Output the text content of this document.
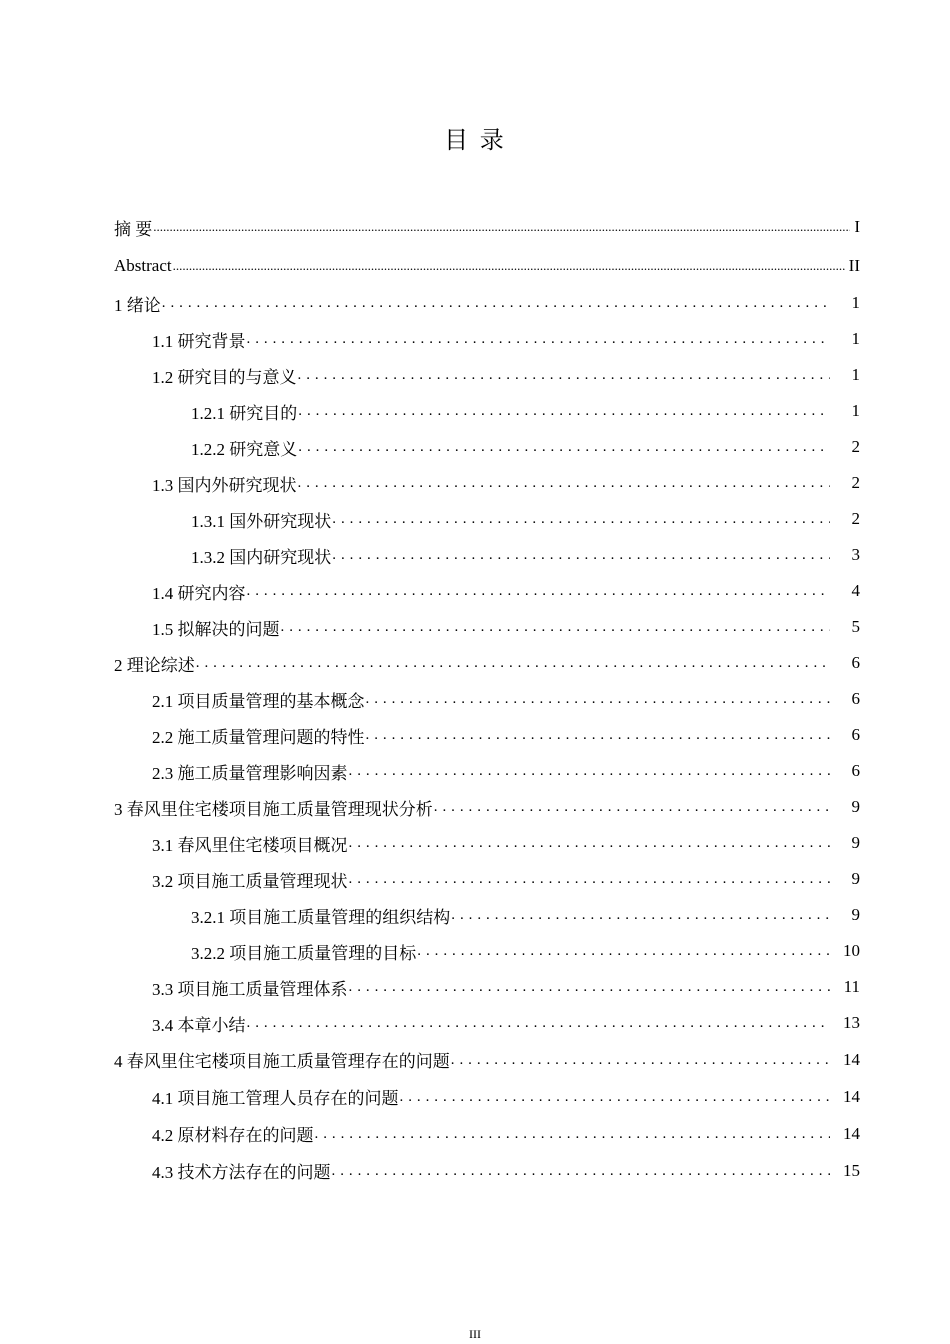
目 录
摘 要 .....	I
Abstract .....	II
1 绪论 . . .	1
1.1 研究背景 . . .	1
1.2 研究目的与意义 . . .	1
1.2.1 研究目的 . . .	1
1.2.2 研究意义 . . .	2
1.3 国内外研究现状 . . .	2
1.3.1 国外研究现状 . . .	2
1.3.2 国内研究现状 . . .	3
1.4 研究内容 . . .	4
1.5 拟解决的问题 . . .	5
2 理论综述 . . .	6
2.1 项目质量管理的基本概念 . . .	6
2.2 施工质量管理问题的特性 . . .	6
2.3 施工质量管理影响因素 . . .	6
3 春风里住宅楼项目施工质量管理现状分析 . . .	9
3.1 春风里住宅楼项目概况 . . .	9
3.2 项目施工质量管理现状 . . .	9
3.2.1 项目施工质量管理的组织结构 . . .	9
3.2.2 项目施工质量管理的目标 . . .	10
3.3 项目施工质量管理体系 . . .	11
3.4 本章小结 . . .	13
4 春风里住宅楼项目施工质量管理存在的问题 . . .	14
4.1 项目施工管理人员存在的问题 . . .	14
4.2 原材料存在的问题 . . .	14
4.3 技术方法存在的问题 . . .	15
III
